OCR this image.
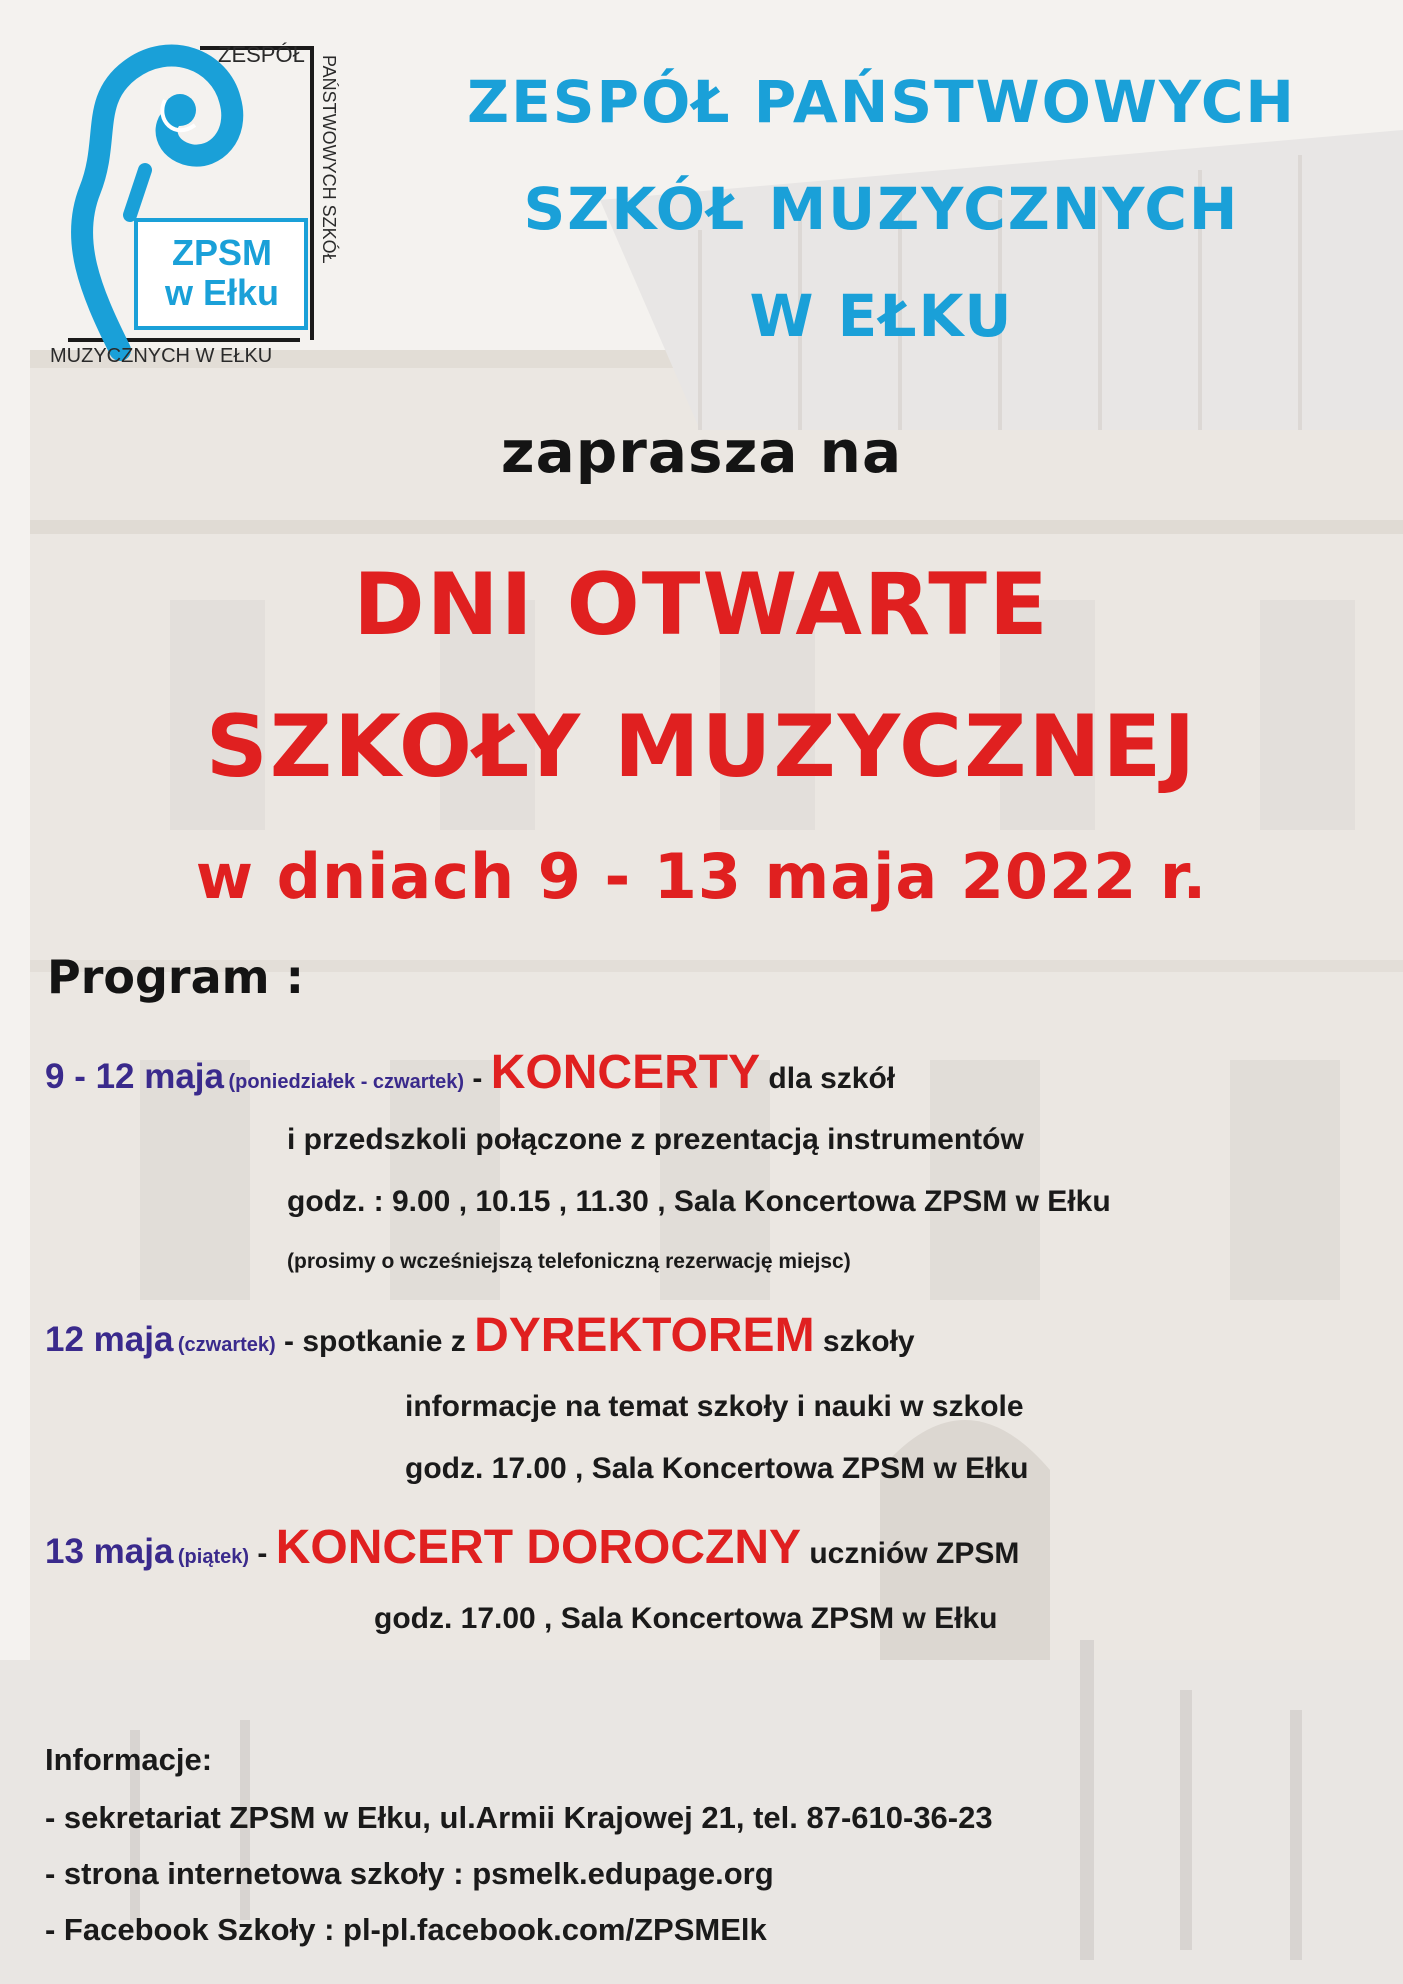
ZESPÓŁ
PAŃSTWOWYCH SZKÓŁ
MUZYCZNYCH W EŁKU
ZPSM
w Ełku
ZESPÓŁ PAŃSTWOWYCH
SZKÓŁ MUZYCZNYCH
W EŁKU
zaprasza na
DNI OTWARTE
SZKOŁY MUZYCZNEJ
w dniach 9 - 13 maja 2022 r.
Program :
9 - 12 maja (poniedziałek - czwartek) - KONCERTY dla szkół
i przedszkoli połączone z prezentacją instrumentów
godz. : 9.00 , 10.15 , 11.30 , Sala Koncertowa ZPSM w Ełku
(prosimy o wcześniejszą telefoniczną rezerwację miejsc)
12 maja (czwartek) - spotkanie z DYREKTOREM szkoły
informacje na temat szkoły i nauki w szkole
godz. 17.00 , Sala Koncertowa ZPSM w Ełku
13 maja (piątek) - KONCERT DOROCZNY uczniów ZPSM
godz. 17.00 , Sala Koncertowa ZPSM w Ełku
Informacje:
- sekretariat ZPSM w Ełku, ul.Armii Krajowej 21, tel. 87-610-36-23
- strona internetowa szkoły : psmelk.edupage.org
- Facebook Szkoły : pl-pl.facebook.com/ZPSMElk
